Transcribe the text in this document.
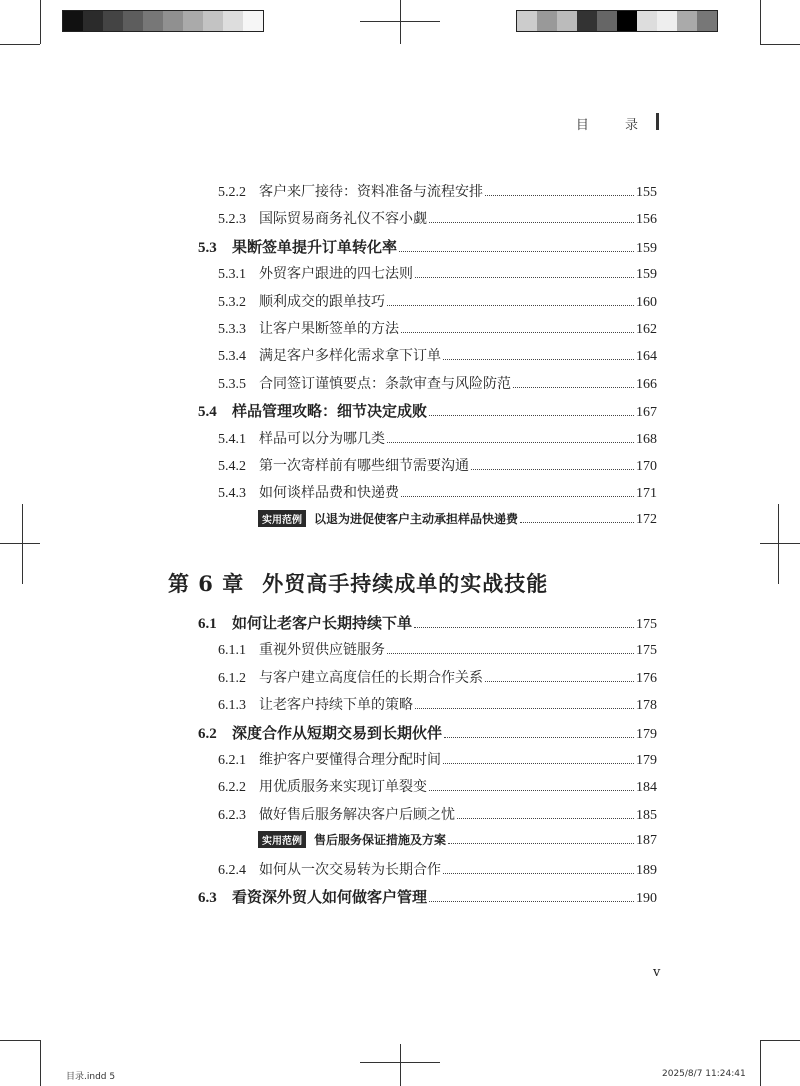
目 录
5.2.2 客户来厂接待：资料准备与流程安排	155
5.2.3 国际贸易商务礼仪不容小觑	156
5.3	果断签单提升订单转化率	159
5.3.1 外贸客户跟进的四七法则	159
5.3.2 顺利成交的跟单技巧	160
5.3.3 让客户果断签单的方法	162
5.3.4 满足客户多样化需求拿下订单	164
5.3.5 合同签订谨慎要点：条款审查与风险防范	166
5.4	样品管理攻略：细节决定成败	167
5.4.1 样品可以分为哪几类	168
5.4.2 第一次寄样前有哪些细节需要沟通	170
5.4.3 如何谈样品费和快递费	171
实用范例	以退为进促使客户主动承担样品快递费	172
第 6 章 外贸高手持续成单的实战技能
6.1	如何让老客户长期持续下单	175
6.1.1 重视外贸供应链服务	175
6.1.2 与客户建立高度信任的长期合作关系	176
6.1.3 让老客户持续下单的策略	178
6.2	深度合作从短期交易到长期伙伴	179
6.2.1 维护客户要懂得合理分配时间	179
6.2.2 用优质服务来实现订单裂变	184
6.2.3 做好售后服务解决客户后顾之忧	185
实用范例	售后服务保证措施及方案	187
6.2.4 如何从一次交易转为长期合作	189
6.3	看资深外贸人如何做客户管理	190
v
目录.indd 5	2025/8/7 11:24:41
